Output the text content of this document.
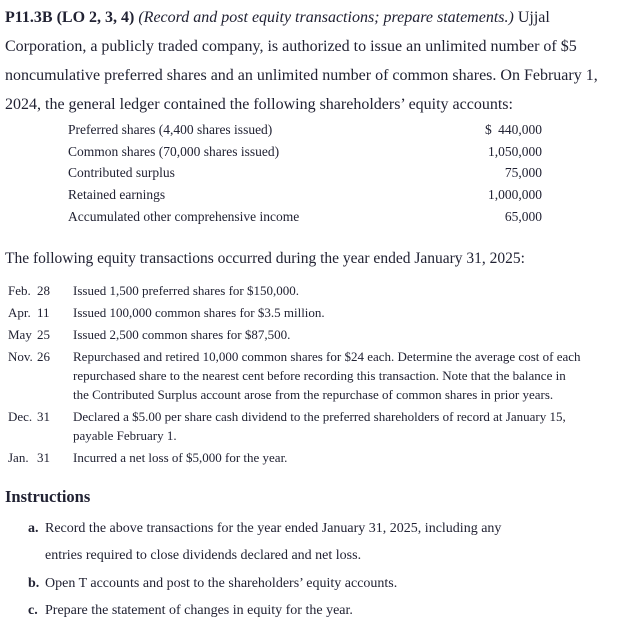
P11.3B (LO 2, 3, 4) (Record and post equity transactions; prepare statements.) Ujjal
Corporation, a publicly traded company, is authorized to issue an unlimited number of $5
noncumulative preferred shares and an unlimited number of common shares. On February 1,
2024, the general ledger contained the following shareholders’ equity accounts:

Preferred shares (4,400 shares issued)	$ 440,000
Common shares (70,000 shares issued)	1,050,000
Contributed surplus	75,000
Retained earnings	1,000,000
Accumulated other comprehensive income	65,000

The following equity transactions occurred during the year ended January 31, 2025:

Feb. 28 Issued 1,500 preferred shares for $150,000.
Apr. 11 Issued 100,000 common shares for $3.5 million.
May 25 Issued 2,500 common shares for $87,500.
Nov. 26 Repurchased and retired 10,000 common shares for $24 each. Determine the average cost of each
repurchased share to the nearest cent before recording this transaction. Note that the balance in
the Contributed Surplus account arose from the repurchase of common shares in prior years.
Dec. 31 Declared a $5.00 per share cash dividend to the preferred shareholders of record at January 15,
payable February 1.
Jan. 31 Incurred a net loss of $5,000 for the year.
Instructions
a. Record the above transactions for the year ended January 31, 2025, including any
entries required to close dividends declared and net loss.
b. Open T accounts and post to the shareholders’ equity accounts.
c. Prepare the statement of changes in equity for the year.
